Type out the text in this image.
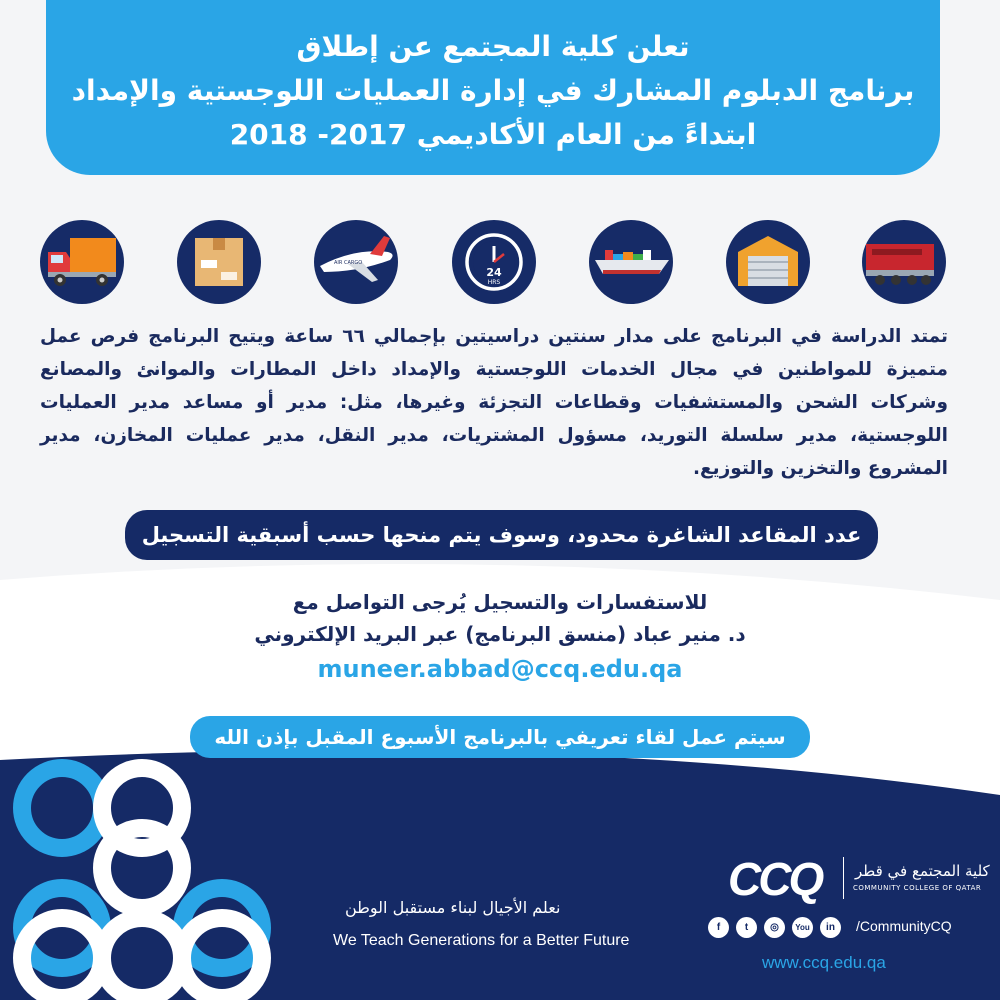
تعلن كلية المجتمع عن إطلاق
برنامج الدبلوم المشارك في إدارة العمليات اللوجستية والإمداد
ابتداءً من العام الأكاديمي 2017- 2018
AIR CARGO
24
HRS
تمتد الدراسة في البرنامج على مدار سنتين دراسيتين بإجمالي ٦٦ ساعة ويتيح البرنامج فرص عمل متميزة للمواطنين في مجال الخدمات اللوجستية والإمداد داخل المطارات والموانئ والمصانع وشركات الشحن والمستشفيات وقطاعات التجزئة وغيرها، مثل: مدير أو مساعد مدير العمليات اللوجستية، مدير سلسلة التوريد، مسؤول المشتريات، مدير النقل، مدير عمليات المخازن، مدير المشروع والتخزين والتوزيع.
عدد المقاعد الشاغرة محدود، وسوف يتم منحها حسب أسبقية التسجيل
للاستفسارات والتسجيل يُرجى التواصل مع
د. منير عباد (منسق البرنامج) عبر البريد الإلكتروني
muneer.abbad@ccq.edu.qa
سيتم عمل لقاء تعريفي بالبرنامج الأسبوع المقبل بإذن الله
نعلم الأجيال لبناء مستقبل الوطن
We Teach Generations for a Better Future
CCQ كلية المجتمع في قطر
COMMUNITY COLLEGE OF QATAR
f	t	◎	You	in	/CommunityCQ
www.ccq.edu.qa
